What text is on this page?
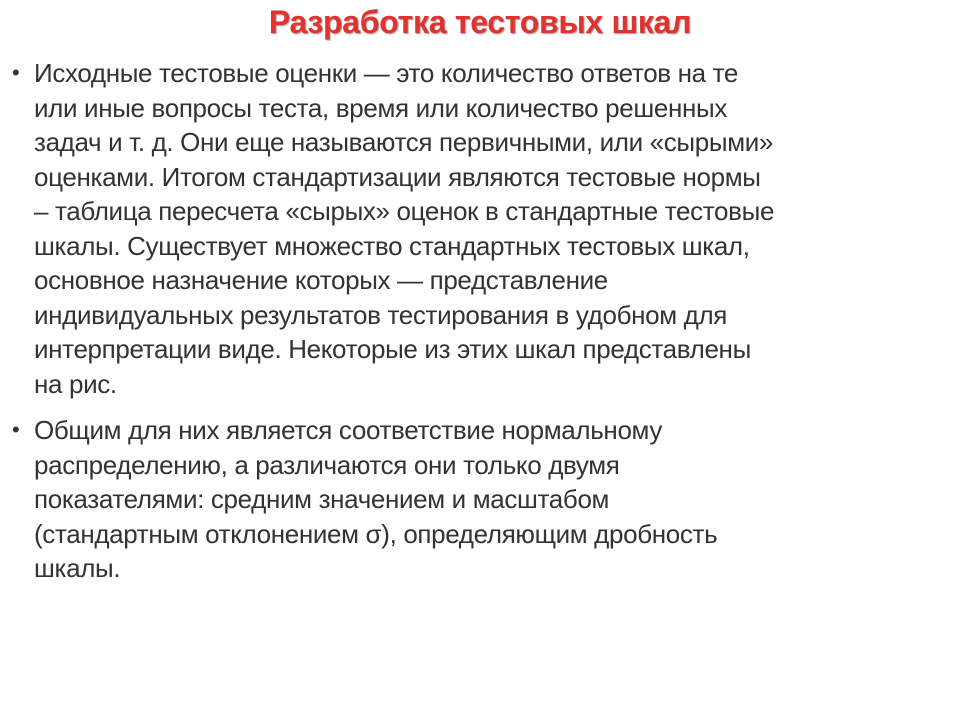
Разработка тестовых шкал
• Исходные тестовые оценки — это количество ответов на те
или иные вопросы теста, время или количество решенных
задач и т. д. Они еще называются первичными, или «сырыми»
оценками. Итогом стандартизации являются тестовые нормы
– таблица пересчета «сырых» оценок в стандартные тестовые
шкалы. Существует множество стандартных тестовых шкал,
основное назначение которых — представление
индивидуальных результатов тестирования в удобном для
интерпретации виде. Некоторые из этих шкал представлены
на рис.
• Общим для них является соответствие нормальному
распределению, а различаются они только двумя
показателями: средним значением и масштабом
(стандартным отклонением σ), определяющим дробность
шкалы.
